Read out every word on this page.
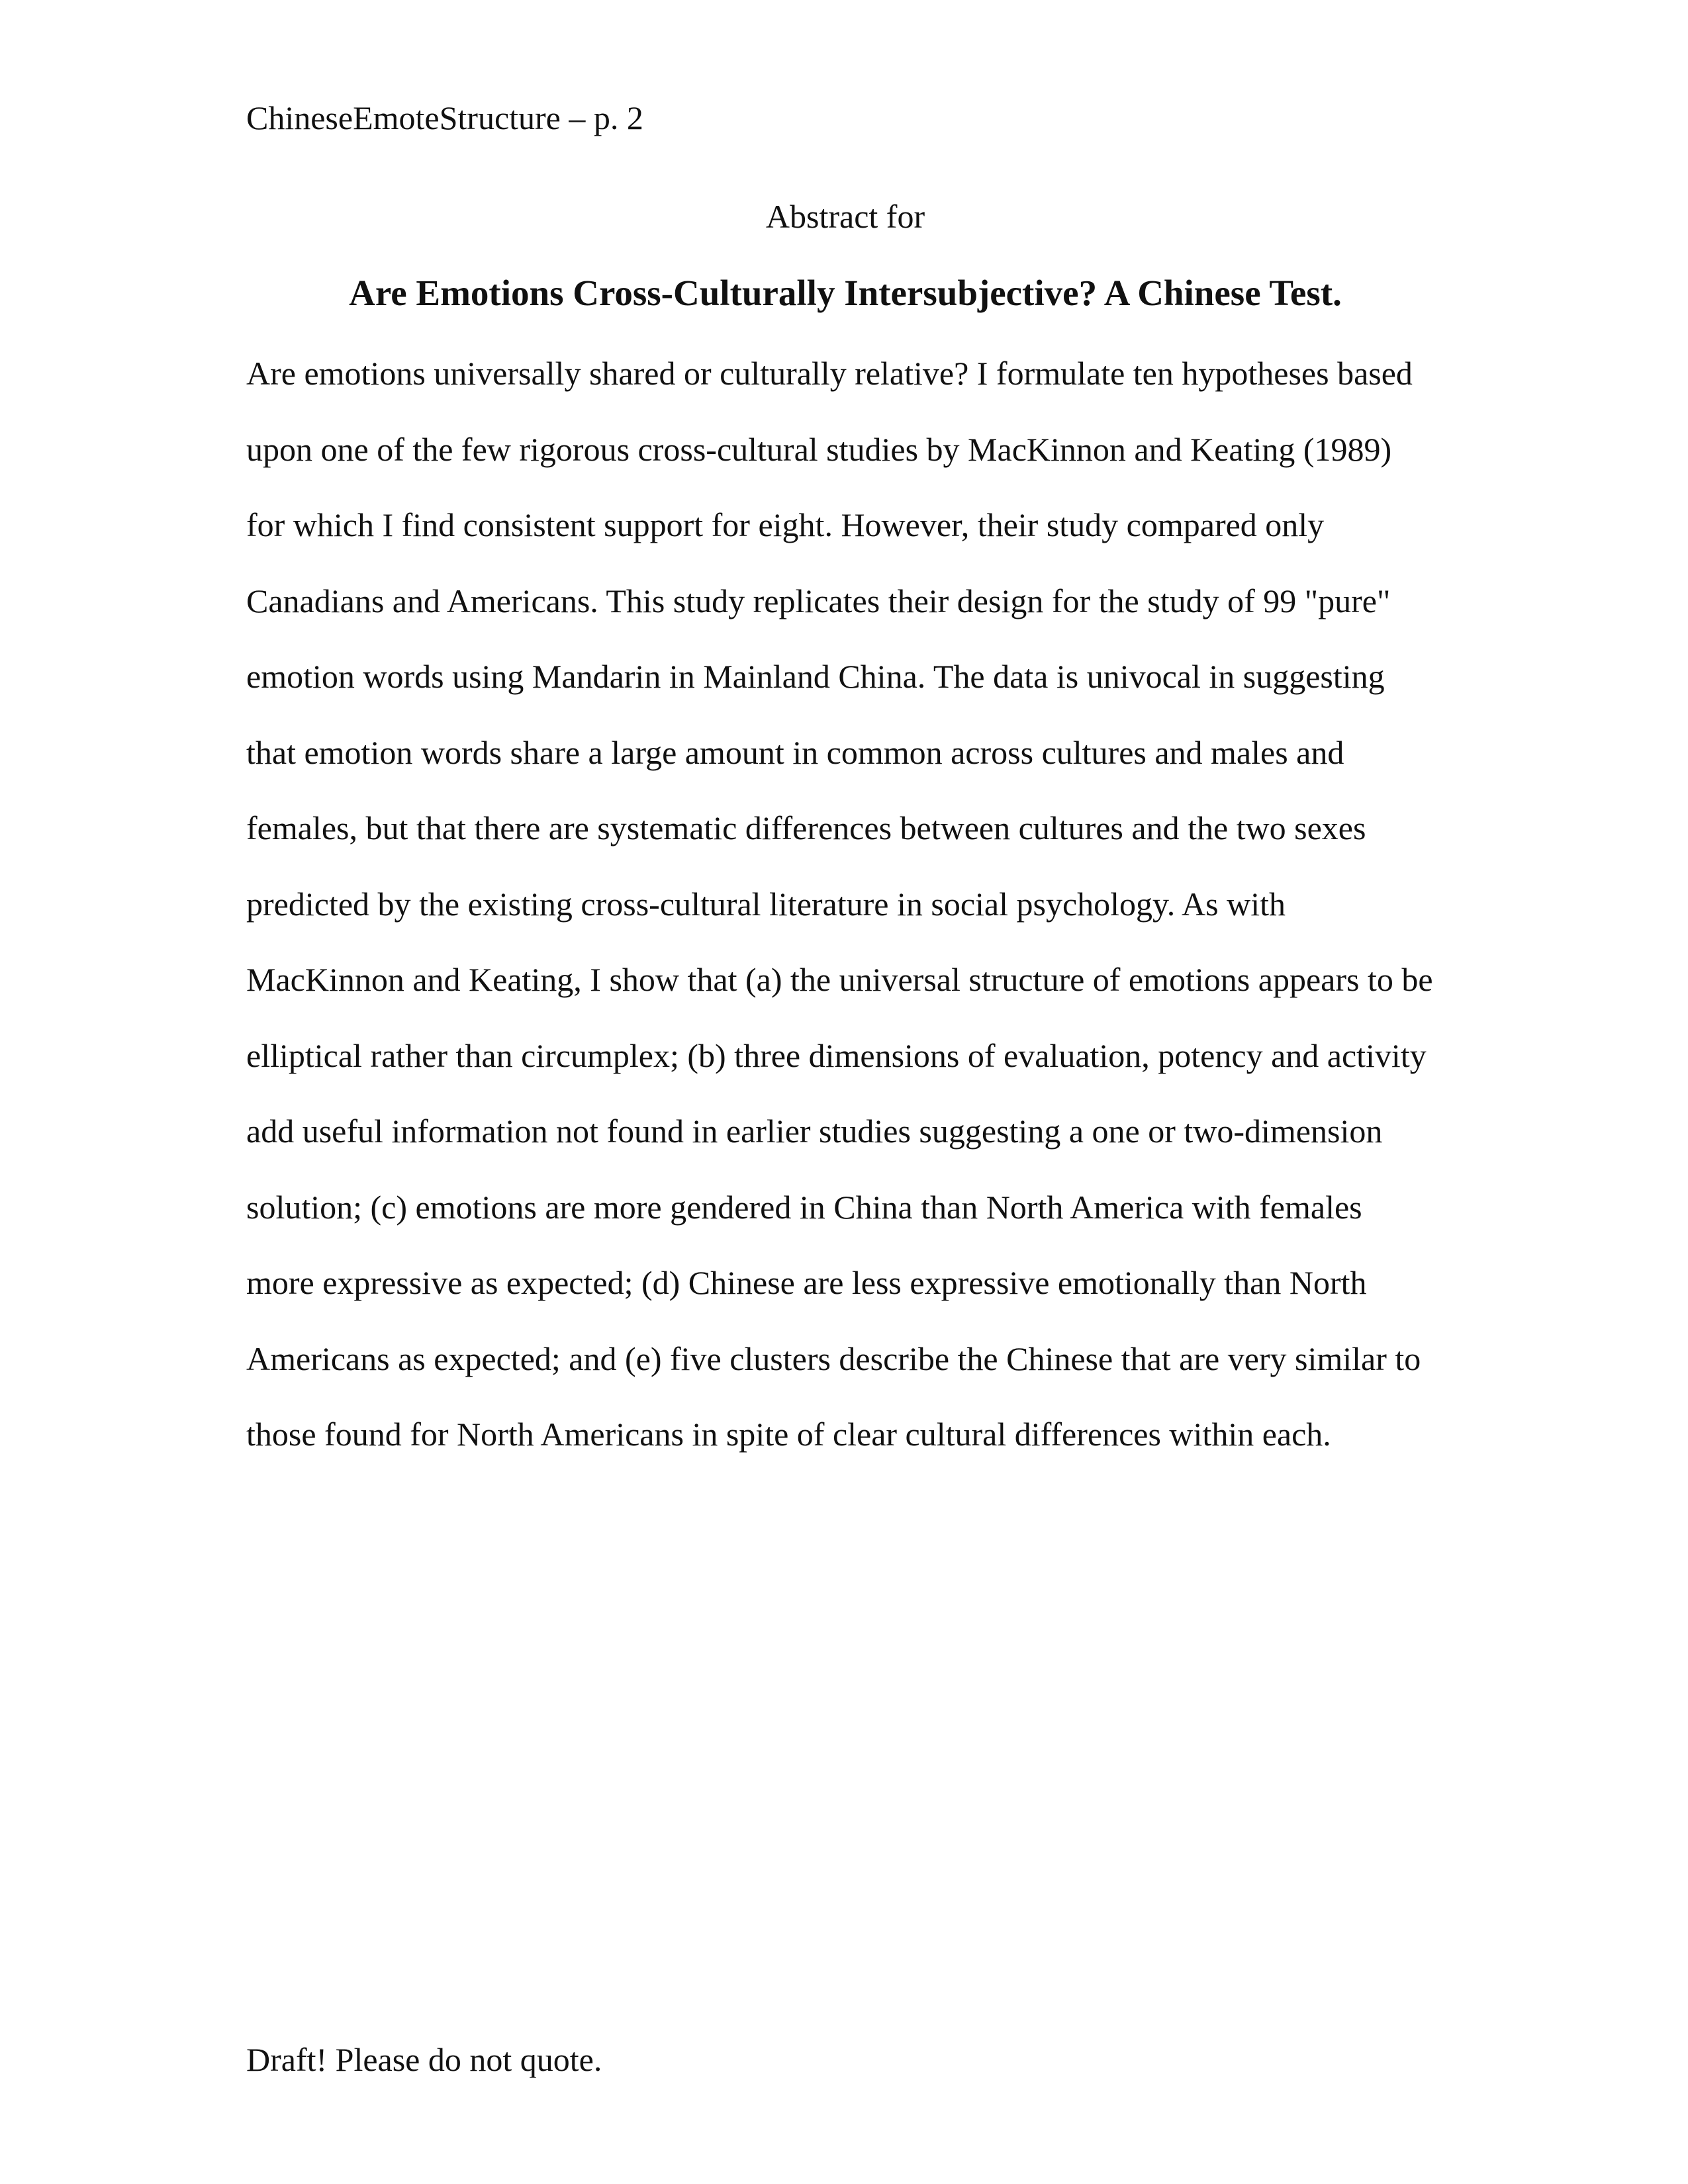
ChineseEmoteStructure – p. 2
Abstract for
Are Emotions Cross-Culturally Intersubjective? A Chinese Test.
Are emotions universally shared or culturally relative? I formulate ten hypotheses based
upon one of the few rigorous cross-cultural studies by MacKinnon and Keating (1989)
for which I find consistent support for eight. However, their study compared only
Canadians and Americans. This study replicates their design for the study of 99 "pure"
emotion words using Mandarin in Mainland China. The data is univocal in suggesting
that emotion words share a large amount in common across cultures and males and
females, but that there are systematic differences between cultures and the two sexes
predicted by the existing cross-cultural literature in social psychology. As with
MacKinnon and Keating, I show that (a) the universal structure of emotions appears to be
elliptical rather than circumplex; (b) three dimensions of evaluation, potency and activity
add useful information not found in earlier studies suggesting a one or two-dimension
solution; (c) emotions are more gendered in China than North America with females
more expressive as expected; (d) Chinese are less expressive emotionally than North
Americans as expected; and (e) five clusters describe the Chinese that are very similar to
those found for North Americans in spite of clear cultural differences within each.
Draft! Please do not quote.
